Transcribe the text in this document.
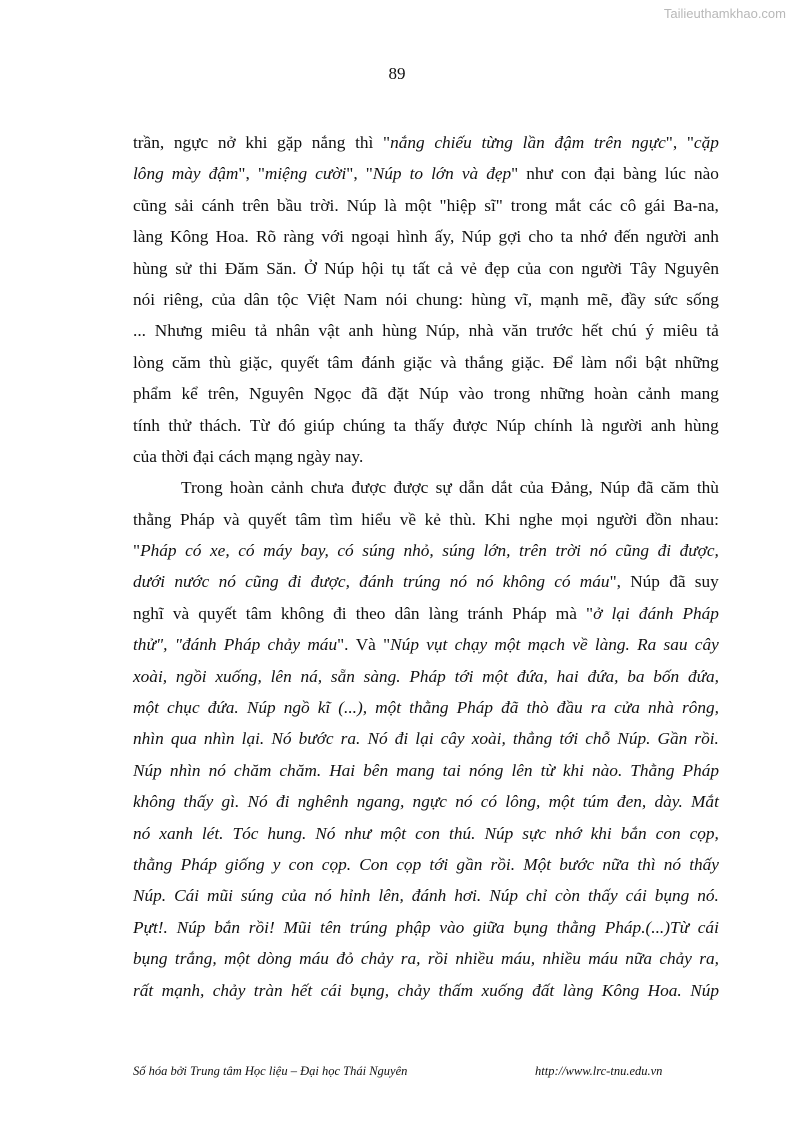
Tailieuthamkhao.com
89
trần, ngực nở khi gặp nắng thì "nắng chiếu từng lần đậm trên ngực", "cặp
lông mày đậm", "miệng cười", "Núp to lớn và đẹp" như con đại bàng lúc nào
cũng sải cánh trên bầu trời. Núp là một "hiệp sĩ" trong mắt các cô gái Ba-na,
làng Kông Hoa. Rõ ràng với ngoại hình ấy, Núp gợi cho ta nhớ đến người anh
hùng sử thi Đăm Săn. Ở Núp hội tụ tất cả vẻ đẹp của con người Tây Nguyên
nói riêng, của dân tộc Việt Nam nói chung: hùng vĩ, mạnh mẽ, đầy sức sống
... Nhưng miêu tả nhân vật anh hùng Núp, nhà văn trước hết chú ý miêu tả
lòng căm thù giặc, quyết tâm đánh giặc và thắng giặc. Để làm nổi bật những
phẩm kể trên, Nguyên Ngọc đã đặt Núp vào trong những hoàn cảnh mang
tính thử thách. Từ đó giúp chúng ta thấy được Núp chính là người anh hùng
của thời đại cách mạng ngày nay.
Trong hoàn cảnh chưa được được sự dẫn dắt của Đảng, Núp đã căm thù
thằng Pháp và quyết tâm tìm hiểu về kẻ thù. Khi nghe mọi người đồn nhau:
"Pháp có xe, có máy bay, có súng nhỏ, súng lớn, trên trời nó cũng đi được,
dưới nước nó cũng đi được, đánh trúng nó nó không có máu", Núp đã suy
nghĩ và quyết tâm không đi theo dân làng tránh Pháp mà "ở lại đánh Pháp
thử", "đánh Pháp chảy máu". Và "Núp vụt chạy một mạch về làng. Ra sau cây
xoài, ngồi xuống, lên ná, sẵn sàng. Pháp tới một đứa, hai đứa, ba bốn đứa,
một chục đứa. Núp ngồ kĩ (...), một thằng Pháp đã thò đầu ra cửa nhà rông,
nhìn qua nhìn lại. Nó bước ra. Nó đi lại cây xoài, thẳng tới chỗ Núp. Gần rồi.
Núp nhìn nó chăm chăm. Hai bên mang tai nóng lên từ khi nào. Thằng Pháp
không thấy gì. Nó đi nghênh ngang, ngực nó có lông, một túm đen, dày. Mắt
nó xanh lét. Tóc hung. Nó như một con thú. Núp sực nhớ khi bắn con cọp,
thằng Pháp giống y con cọp. Con cọp tới gần rồi. Một bước nữa thì nó thấy
Núp. Cái mũi súng của nó hỉnh lên, đánh hơi. Núp chỉ còn thấy cái bụng nó.
Pựt!. Núp bắn rồi! Mũi tên trúng phập vào giữa bụng thằng Pháp.(...)Từ cái
bụng trắng, một dòng máu đỏ chảy ra, rồi nhiều máu, nhiều máu nữa chảy ra,
rất mạnh, chảy tràn hết cái bụng, chảy thấm xuống đất làng Kông Hoa. Núp
Số hóa bởi Trung tâm Học liệu – Đại học Thái Nguyên	http://www.lrc-tnu.edu.vn
